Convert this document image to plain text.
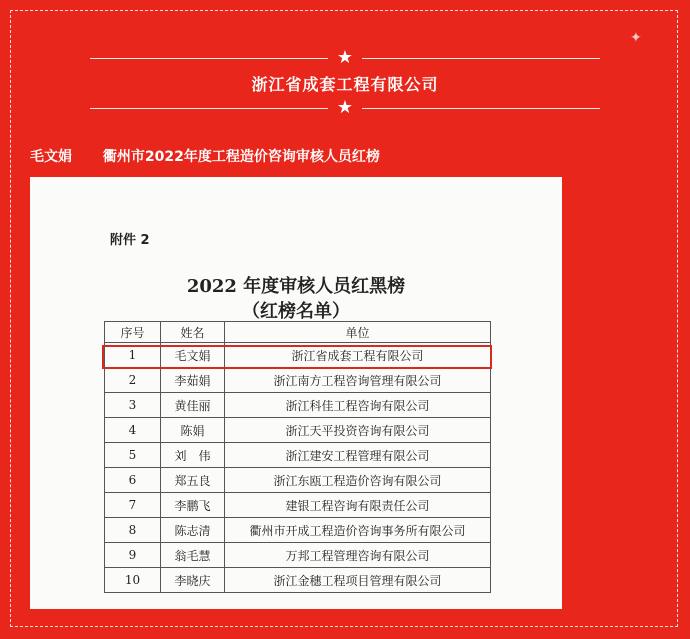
✦
★
浙江省成套工程有限公司
★
毛文娟 衢州市2022年度工程造价咨询审核人员红榜
附件 2
2022 年度审核人员红黑榜
（红榜名单）
序号	姓名	单位
1	毛文娟	浙江省成套工程有限公司
2	李茹娟	浙江南方工程咨询管理有限公司
3	黄佳丽	浙江科佳工程咨询有限公司
4	陈娟	浙江天平投资咨询有限公司
5	刘　伟	浙江建安工程管理有限公司
6	郑五良	浙江东瓯工程造价咨询有限公司
7	李鹏飞	建银工程咨询有限责任公司
8	陈志清	衢州市开成工程造价咨询事务所有限公司
9	翁毛慧	万邦工程管理咨询有限公司
10	李晓庆	浙江金穗工程项目管理有限公司
